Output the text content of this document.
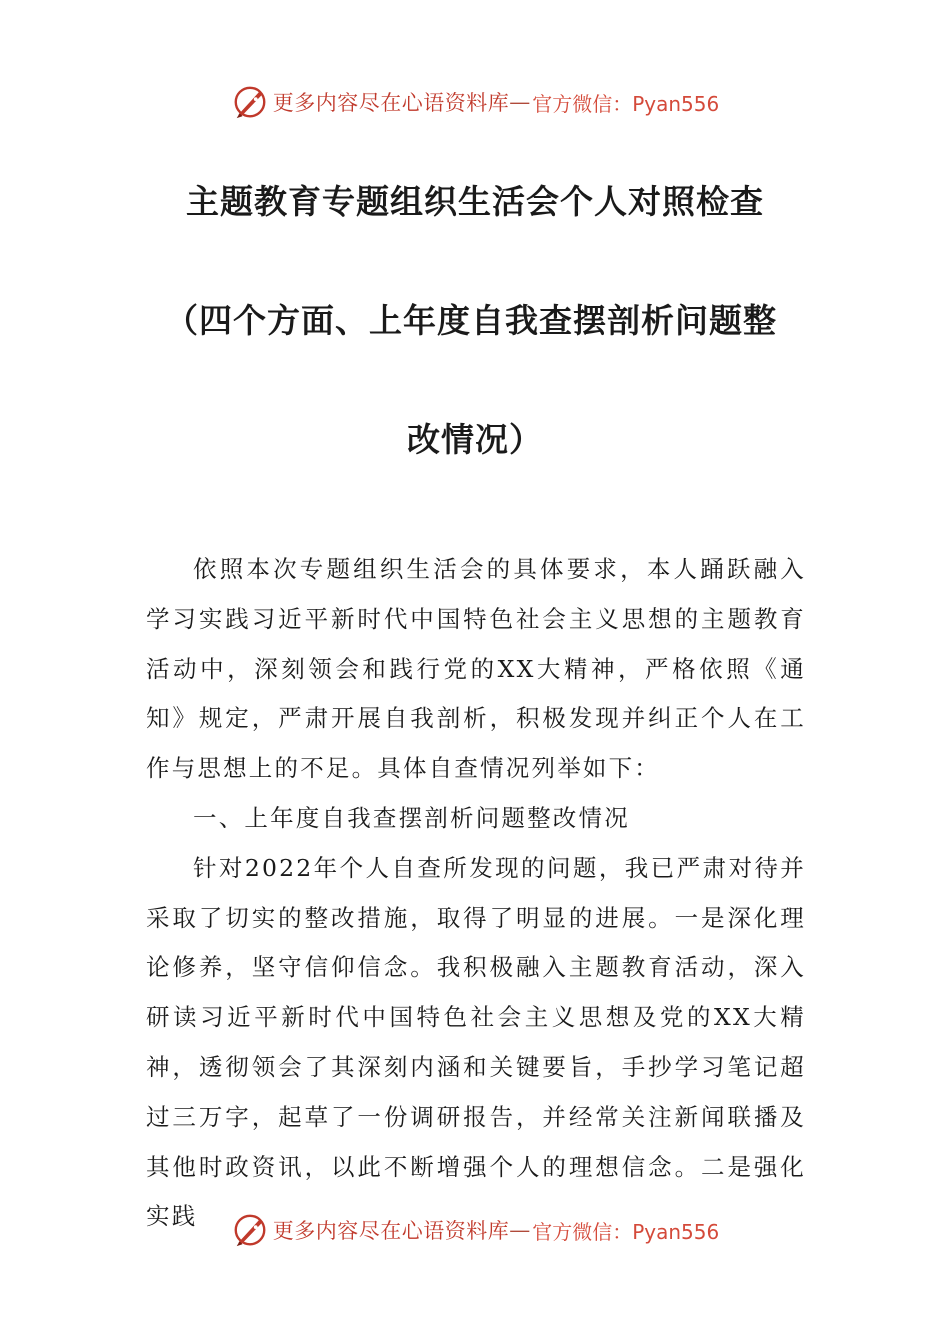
更多内容尽在心语资料库 — 官方微信：Pyan556
主题教育专题组织生活会个人对照检查
（四个方面、上年度自我查摆剖析问题整
改情况）

依照本次专题组织生活会的具体要求，本人踊跃融入学习实践习近平新时代中国特色社会主义思想的主题教育活动中，深刻领会和践行党的XX大精神，严格依照《通知》规定，严肃开展自我剖析，积极发现并纠正个人在工作与思想上的不足。具体自查情况列举如下：

一、上年度自我查摆剖析问题整改情况

针对2022年个人自查所发现的问题，我已严肃对待并采取了切实的整改措施，取得了明显的进展。一是深化理论修养，坚守信仰信念。我积极融入主题教育活动，深入研读习近平新时代中国特色社会主义思想及党的XX大精神，透彻领会了其深刻内涵和关键要旨，手抄学习笔记超过三万字，起草了一份调研报告，并经常关注新闻联播及其他时政资讯，以此不断增强个人的理想信念。二是强化实践

更多内容尽在心语资料库 — 官方微信：Pyan556
